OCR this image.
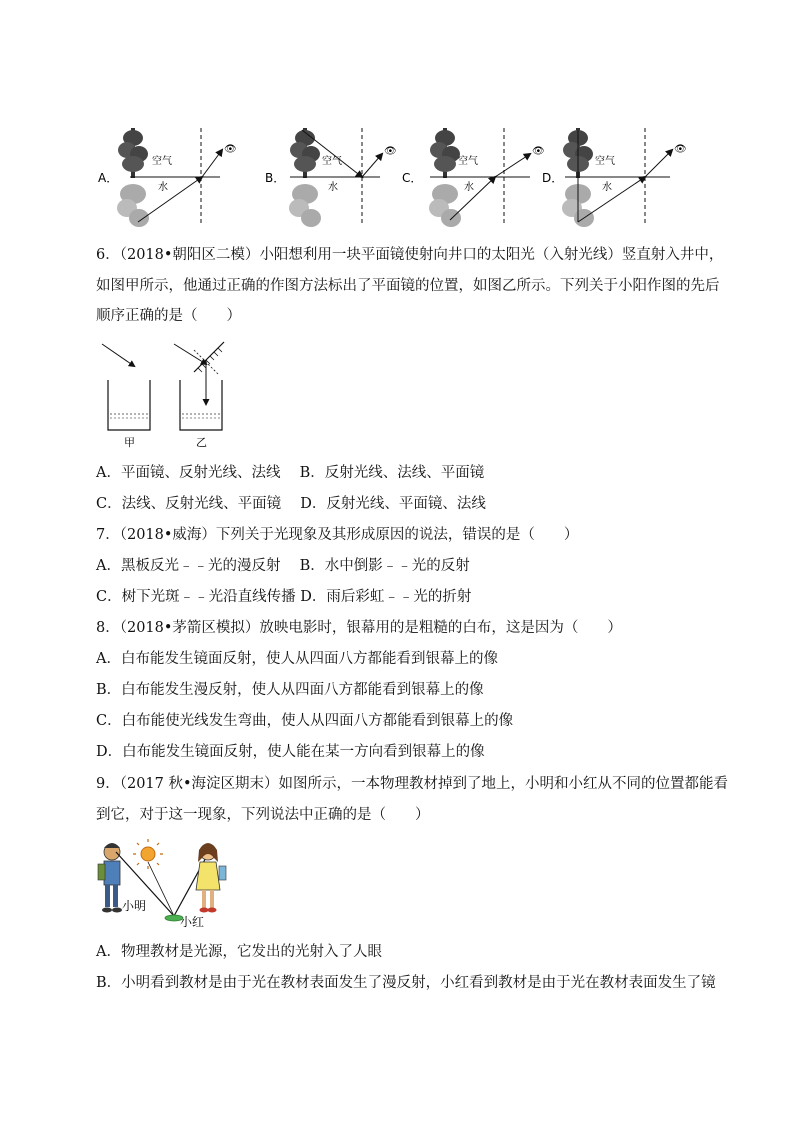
A．
空气
水
👁
B．
空气
水
👁
C．
空气
水
👁
D．
空气
水
👁
6．（2018•朝阳区二模）小阳想利用一块平面镜使射向井口的太阳光（入射光线）竖直射入井中，
如图甲所示，他通过正确的作图方法标出了平面镜的位置，如图乙所示。下列关于小阳作图的先后
顺序正确的是（　　）
甲	乙
A．平面镜、反射光线、法线　 B．反射光线、法线、平面镜
C．法线、反射光线、平面镜　 D．反射光线、平面镜、法线
7．（2018•威海）下列关于光现象及其形成原因的说法，错误的是（　　）
A．黑板反光﹣﹣光的漫反射　 B．水中倒影﹣﹣光的反射
C．树下光斑﹣﹣光沿直线传播 D．雨后彩虹﹣﹣光的折射
8．（2018•茅箭区模拟）放映电影时，银幕用的是粗糙的白布，这是因为（　　）
A．白布能发生镜面反射，使人从四面八方都能看到银幕上的像
B．白布能发生漫反射，使人从四面八方都能看到银幕上的像
C．白布能使光线发生弯曲，使人从四面八方都能看到银幕上的像
D．白布能发生镜面反射，使人能在某一方向看到银幕上的像
9．（2017 秋•海淀区期末）如图所示，一本物理教材掉到了地上，小明和小红从不同的位置都能看
到它，对于这一现象，下列说法中正确的是（　　）
小明
小红
A．物理教材是光源，它发出的光射入了人眼
B．小明看到教材是由于光在教材表面发生了漫反射，小红看到教材是由于光在教材表面发生了镜
